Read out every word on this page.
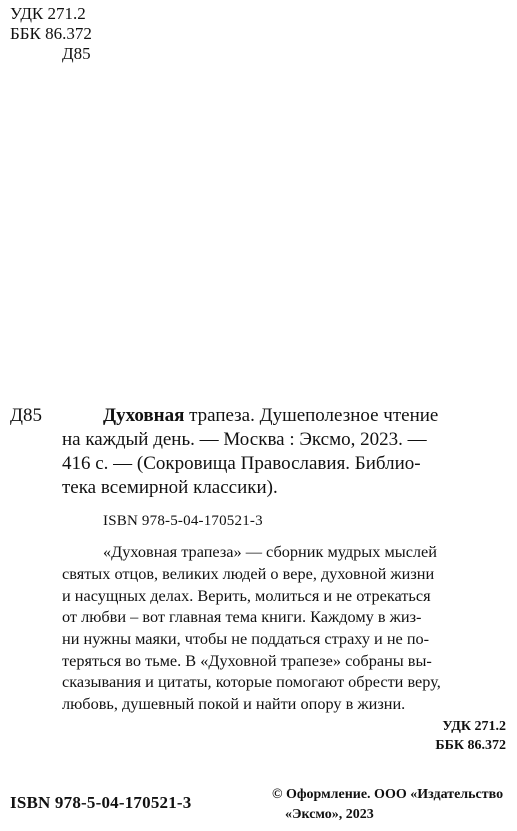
УДК 271.2
ББК 86.372
Д85
Д85	Духовная трапеза. Душеполезное чтение
на каждый день. — Москва : Эксмо, 2023. —
416 с. — (Сокровища Православия. Библио-
тека всемирной классики).
ISBN 978-5-04-170521-3
«Духовная трапеза» — сборник мудрых мыслей
святых отцов, великих людей о вере, духовной жизни
и насущных делах. Верить, молиться и не отрекаться
от любви – вот главная тема книги. Каждому в жиз-
ни нужны маяки, чтобы не поддаться страху и не по-
теряться во тьме. В «Духовной трапезе» собраны вы-
сказывания и цитаты, которые помогают обрести веру,
любовь, душевный покой и найти опору в жизни.
УДК 271.2
ББК 86.372
ISBN 978-5-04-170521-3	© Оформление. ООО «Издательство
«Эксмо», 2023
